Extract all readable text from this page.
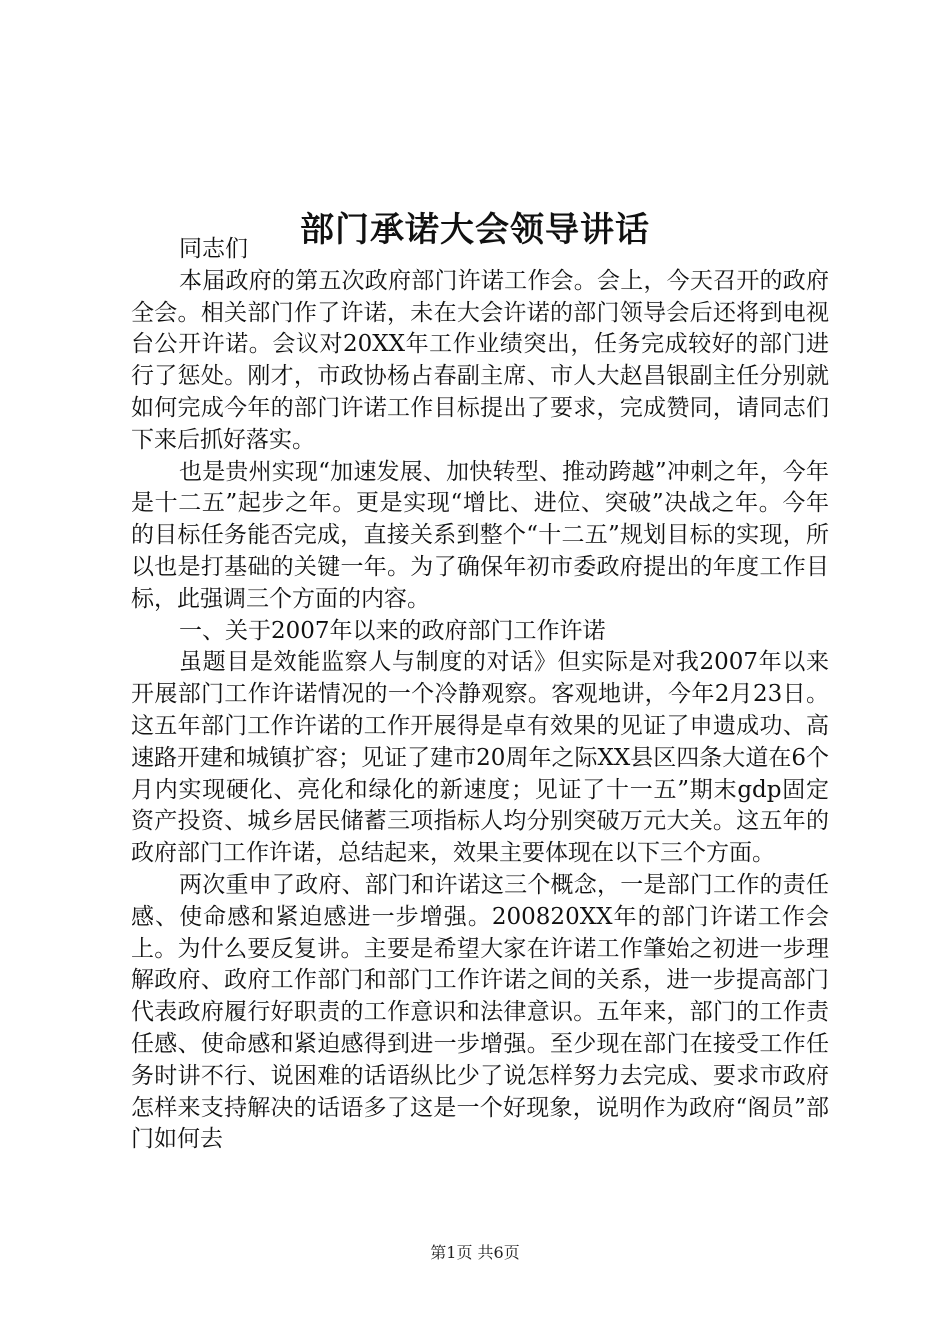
部门承诺大会领导讲话

同志们

本届政府的第五次政府部门许诺工作会。会上，今天召开的政府全会。相关部门作了许诺，未在大会许诺的部门领导会后还将到电视台公开许诺。会议对20XX年工作业绩突出，任务完成较好的部门进行了惩处。刚才，市政协杨占春副主席、市人大赵昌银副主任分别就如何完成今年的部门许诺工作目标提出了要求，完成赞同，请同志们下来后抓好落实。

也是贵州实现“加速发展、加快转型、推动跨越”冲刺之年，今年是十二五”起步之年。更是实现“增比、进位、突破”决战之年。今年的目标任务能否完成，直接关系到整个“十二五”规划目标的实现，所以也是打基础的关键一年。为了确保年初市委政府提出的年度工作目标，此强调三个方面的内容。

一、关于2007年以来的政府部门工作许诺

虽题目是效能监察人与制度的对话》但实际是对我2007年以来开展部门工作许诺情况的一个冷静观察。客观地讲，今年2月23日。这五年部门工作许诺的工作开展得是卓有效果的见证了申遗成功、高速路开建和城镇扩容；见证了建市20周年之际XX县区四条大道在6个月内实现硬化、亮化和绿化的新速度；见证了十一五”期末gdp固定资产投资、城乡居民储蓄三项指标人均分别突破万元大关。这五年的政府部门工作许诺，总结起来，效果主要体现在以下三个方面。

两次重申了政府、部门和许诺这三个概念，一是部门工作的责任感、使命感和紧迫感进一步增强。200820XX年的部门许诺工作会上。为什么要反复讲。主要是希望大家在许诺工作肇始之初进一步理解政府、政府工作部门和部门工作许诺之间的关系，进一步提高部门代表政府履行好职责的工作意识和法律意识。五年来，部门的工作责任感、使命感和紧迫感得到进一步增强。至少现在部门在接受工作任务时讲不行、说困难的话语纵比少了说怎样努力去完成、要求市政府怎样来支持解决的话语多了这是一个好现象，说明作为政府“阁员”部门如何去

第1页 共6页
